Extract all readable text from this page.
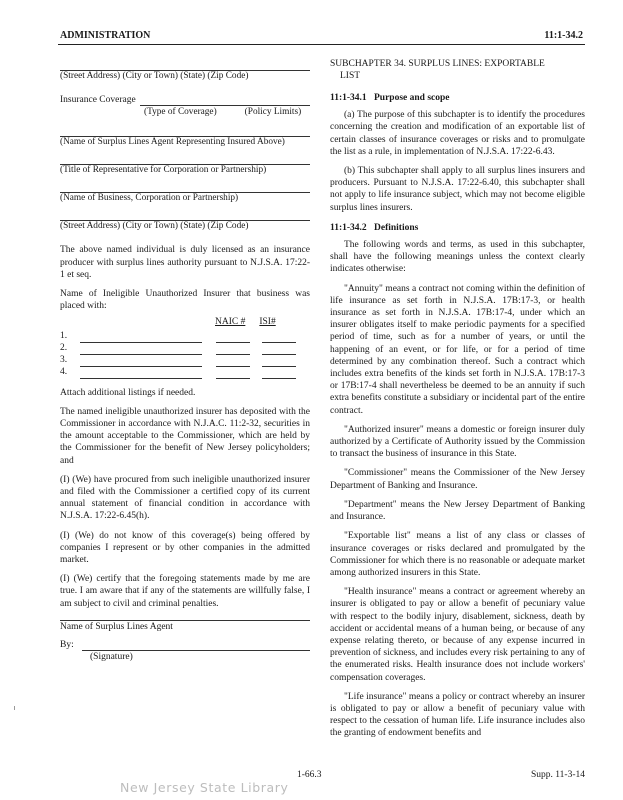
ADMINISTRATION	11:1-34.2
(Street Address) (City or Town) (State) (Zip Code)
Insurance Coverage
(Type of Coverage)	(Policy Limits)
(Name of Surplus Lines Agent Representing Insured Above)
(Title of Representative for Corporation or Partnership)
(Name of Business, Corporation or Partnership)
(Street Address) (City or Town) (State) (Zip Code)

The above named individual is duly licensed as an insurance producer with surplus lines authority pursuant to N.J.S.A. 17:22-1 et seq.

Name of Ineligible Unauthorized Insurer that business was placed with:

NAIC # ISI#
1.
2.
3.
4.

Attach additional listings if needed.

The named ineligible unauthorized insurer has deposited with the Commissioner in accordance with N.J.A.C. 11:2-32, securities in the amount acceptable to the Commissioner, which are held by the Commissioner for the benefit of New Jersey policyholders; and

(I) (We) have procured from such ineligible unauthorized insurer and filed with the Commissioner a certified copy of its current annual statement of financial condition in accordance with N.J.S.A. 17:22-6.45(h).

(I) (We) do not know of this coverage(s) being offered by companies I represent or by other companies in the admitted market.

(I) (We) certify that the foregoing statements made by me are true. I am aware that if any of the statements are willfully false, I am subject to civil and criminal penalties.

Name of Surplus Lines Agent
By:
(Signature)
SUBCHAPTER 34. SURPLUS LINES: EXPORTABLE
LIST
11:1-34.1 Purpose and scope

(a) The purpose of this subchapter is to identify the procedures concerning the creation and modification of an exportable list of certain classes of insurance coverages or risks and to promulgate the list as a rule, in implementation of N.J.S.A. 17:22-6.43.

(b) This subchapter shall apply to all surplus lines insurers and producers. Pursuant to N.J.S.A. 17:22-6.40, this subchapter shall not apply to life insurance subject, which may not become eligible surplus lines insurers.

11:1-34.2 Definitions

The following words and terms, as used in this subchapter, shall have the following meanings unless the context clearly indicates otherwise:

"Annuity" means a contract not coming within the definition of life insurance as set forth in N.J.S.A. 17B:17-3, or health insurance as set forth in N.J.S.A. 17B:17-4, under which an insurer obligates itself to make periodic payments for a specified period of time, such as for a number of years, or until the happening of an event, or for life, or for a period of time determined by any combination thereof. Such a contract which includes extra benefits of the kinds set forth in N.J.S.A. 17B:17-3 or 17B:17-4 shall nevertheless be deemed to be an annuity if such extra benefits constitute a subsidiary or incidental part of the entire contract.

"Authorized insurer" means a domestic or foreign insurer duly authorized by a Certificate of Authority issued by the Commission to transact the business of insurance in this State.

"Commissioner" means the Commissioner of the New Jersey Department of Banking and Insurance.

"Department" means the New Jersey Department of Banking and Insurance.

"Exportable list" means a list of any class or classes of insurance coverages or risks declared and promulgated by the Commissioner for which there is no reasonable or adequate market among authorized insurers in this State.

"Health insurance" means a contract or agreement whereby an insurer is obligated to pay or allow a benefit of pecuniary value with respect to the bodily injury, disablement, sickness, death by accident or accidental means of a human being, or because of any expense relating thereto, or because of any expense incurred in prevention of sickness, and includes every risk pertaining to any of the enumerated risks. Health insurance does not include workers' compensation coverages.

"Life insurance" means a policy or contract whereby an insurer is obligated to pay or allow a benefit of pecuniary value with respect to the cessation of human life. Life insurance includes also the granting of endowment benefits and

1-66.3	Supp. 11-3-14
New Jersey State Library
